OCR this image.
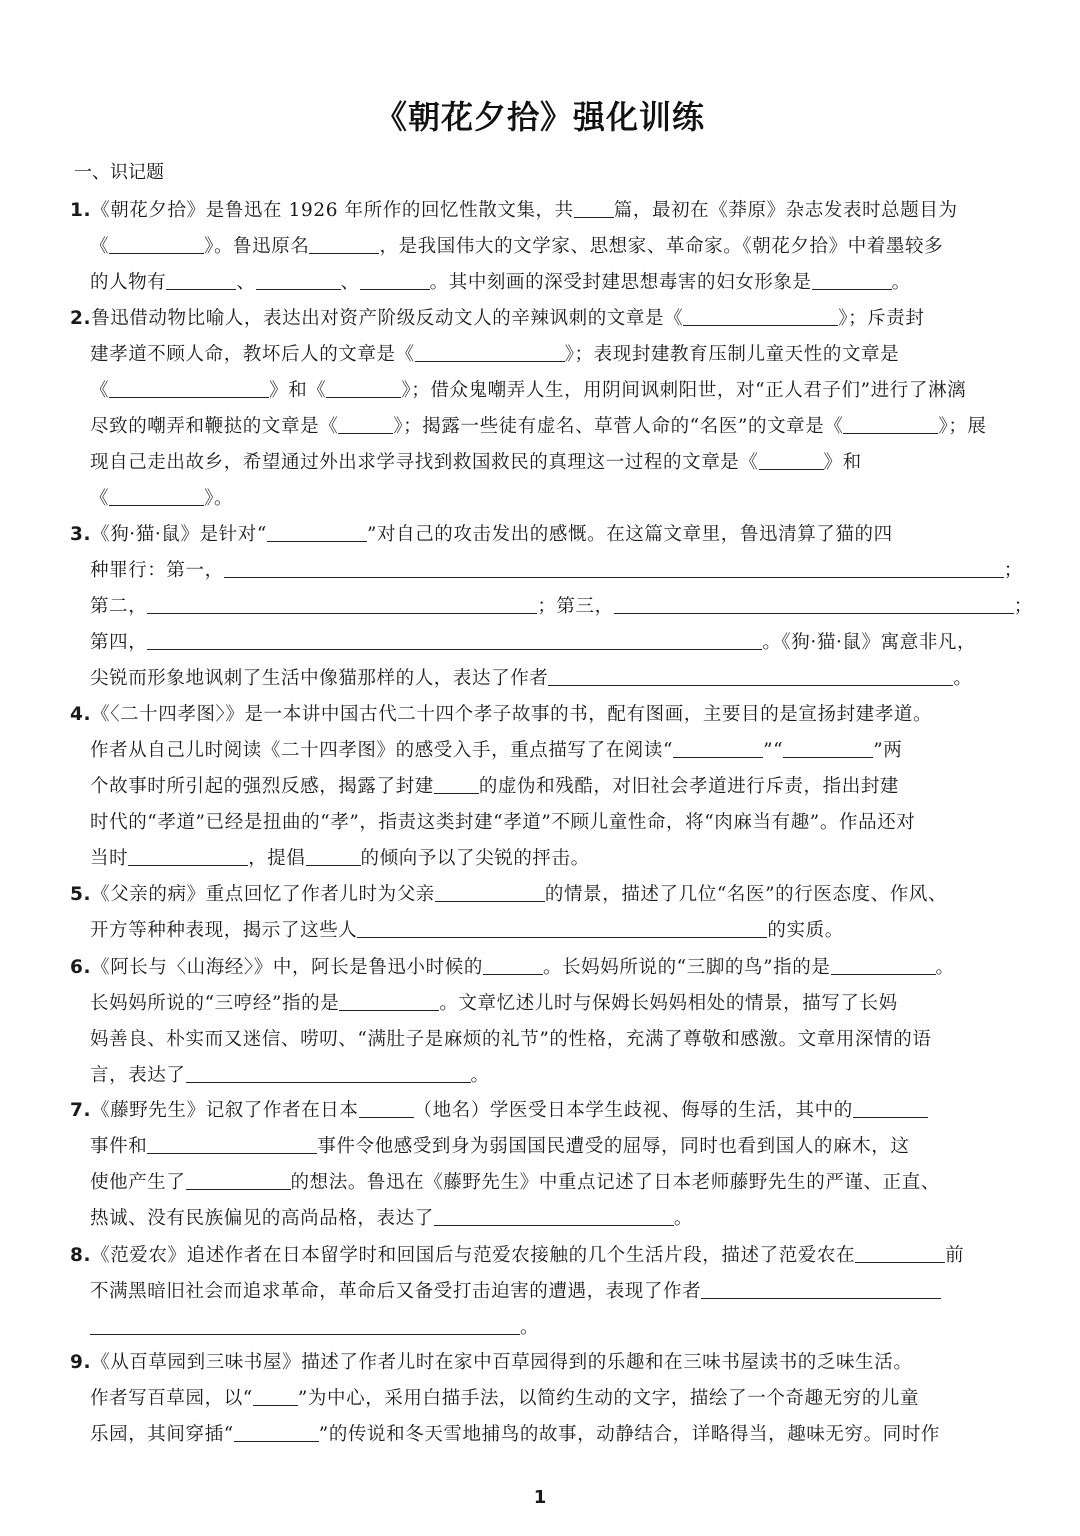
《朝花夕拾》强化训练
一、识记题
1.《朝花夕拾》是鲁迅在 1926 年所作的回忆性散文集，共 篇，最初在《莽原》杂志发表时总题目为
《	》。鲁迅原名	，是我国伟大的文学家、思想家、革命家。《朝花夕拾》中着墨较多
的人物有	、	、	。其中刻画的深受封建思想毒害的妇女形象是	。
2.鲁迅借动物比喻人，表达出对资产阶级反动文人的辛辣讽刺的文章是《	》；斥责封
建孝道不顾人命，教坏后人的文章是《	》；表现封建教育压制儿童天性的文章是
《	》和《	》；借众鬼嘲弄人生，用阴间讽刺阳世，对“正人君子们”进行了淋漓
尽致的嘲弄和鞭挞的文章是《	》；揭露一些徒有虚名、草菅人命的“名医”的文章是《	》；展
现自己走出故乡，希望通过外出求学寻找到救国救民的真理这一过程的文章是《	》和
《	》。
3.《狗·猫·鼠》是针对“	”对自己的攻击发出的感慨。在这篇文章里，鲁迅清算了猫的四
种罪行：第一，	；
第二，	；第三，	；
第四，	。《狗·猫·鼠》寓意非凡，
尖锐而形象地讽刺了生活中像猫那样的人，表达了作者	。
4.《〈二十四孝图〉》是一本讲中国古代二十四个孝子故事的书，配有图画，主要目的是宣扬封建孝道。
作者从自己儿时阅读《二十四孝图》的感受入手，重点描写了在阅读“	”“	”两
个故事时所引起的强烈反感，揭露了封建 的虚伪和残酷，对旧社会孝道进行斥责，指出封建
时代的“孝道”已经是扭曲的“孝”，指责这类封建“孝道”不顾儿童性命，将“肉麻当有趣”。作品还对
当时	，提倡	的倾向予以了尖锐的抨击。
5.《父亲的病》重点回忆了作者儿时为父亲	的情景，描述了几位“名医”的行医态度、作风、
开方等种种表现，揭示了这些人	的实质。
6.《阿长与〈山海经〉》中，阿长是鲁迅小时候的	。长妈妈所说的“三脚的鸟”指的是	。
长妈妈所说的“三哼经”指的是	。文章忆述儿时与保姆长妈妈相处的情景，描写了长妈
妈善良、朴实而又迷信、唠叨、“满肚子是麻烦的礼节”的性格，充满了尊敬和感激。文章用深情的语
言，表达了	。
7.《藤野先生》记叙了作者在日本	（地名）学医受日本学生歧视、侮辱的生活，其中的
事件和	事件令他感受到身为弱国国民遭受的屈辱，同时也看到国人的麻木，这
使他产生了	的想法。鲁迅在《藤野先生》中重点记述了日本老师藤野先生的严谨、正直、
热诚、没有民族偏见的高尚品格，表达了	。
8.《范爱农》追述作者在日本留学时和回国后与范爱农接触的几个生活片段，描述了范爱农在	前
不满黑暗旧社会而追求革命，革命后又备受打击迫害的遭遇，表现了作者
。
9.《从百草园到三味书屋》描述了作者儿时在家中百草园得到的乐趣和在三味书屋读书的乏味生活。
作者写百草园，以“ ”为中心，采用白描手法，以简约生动的文字，描绘了一个奇趣无穷的儿童
乐园，其间穿插“	”的传说和冬天雪地捕鸟的故事，动静结合，详略得当，趣味无穷。同时作
1
